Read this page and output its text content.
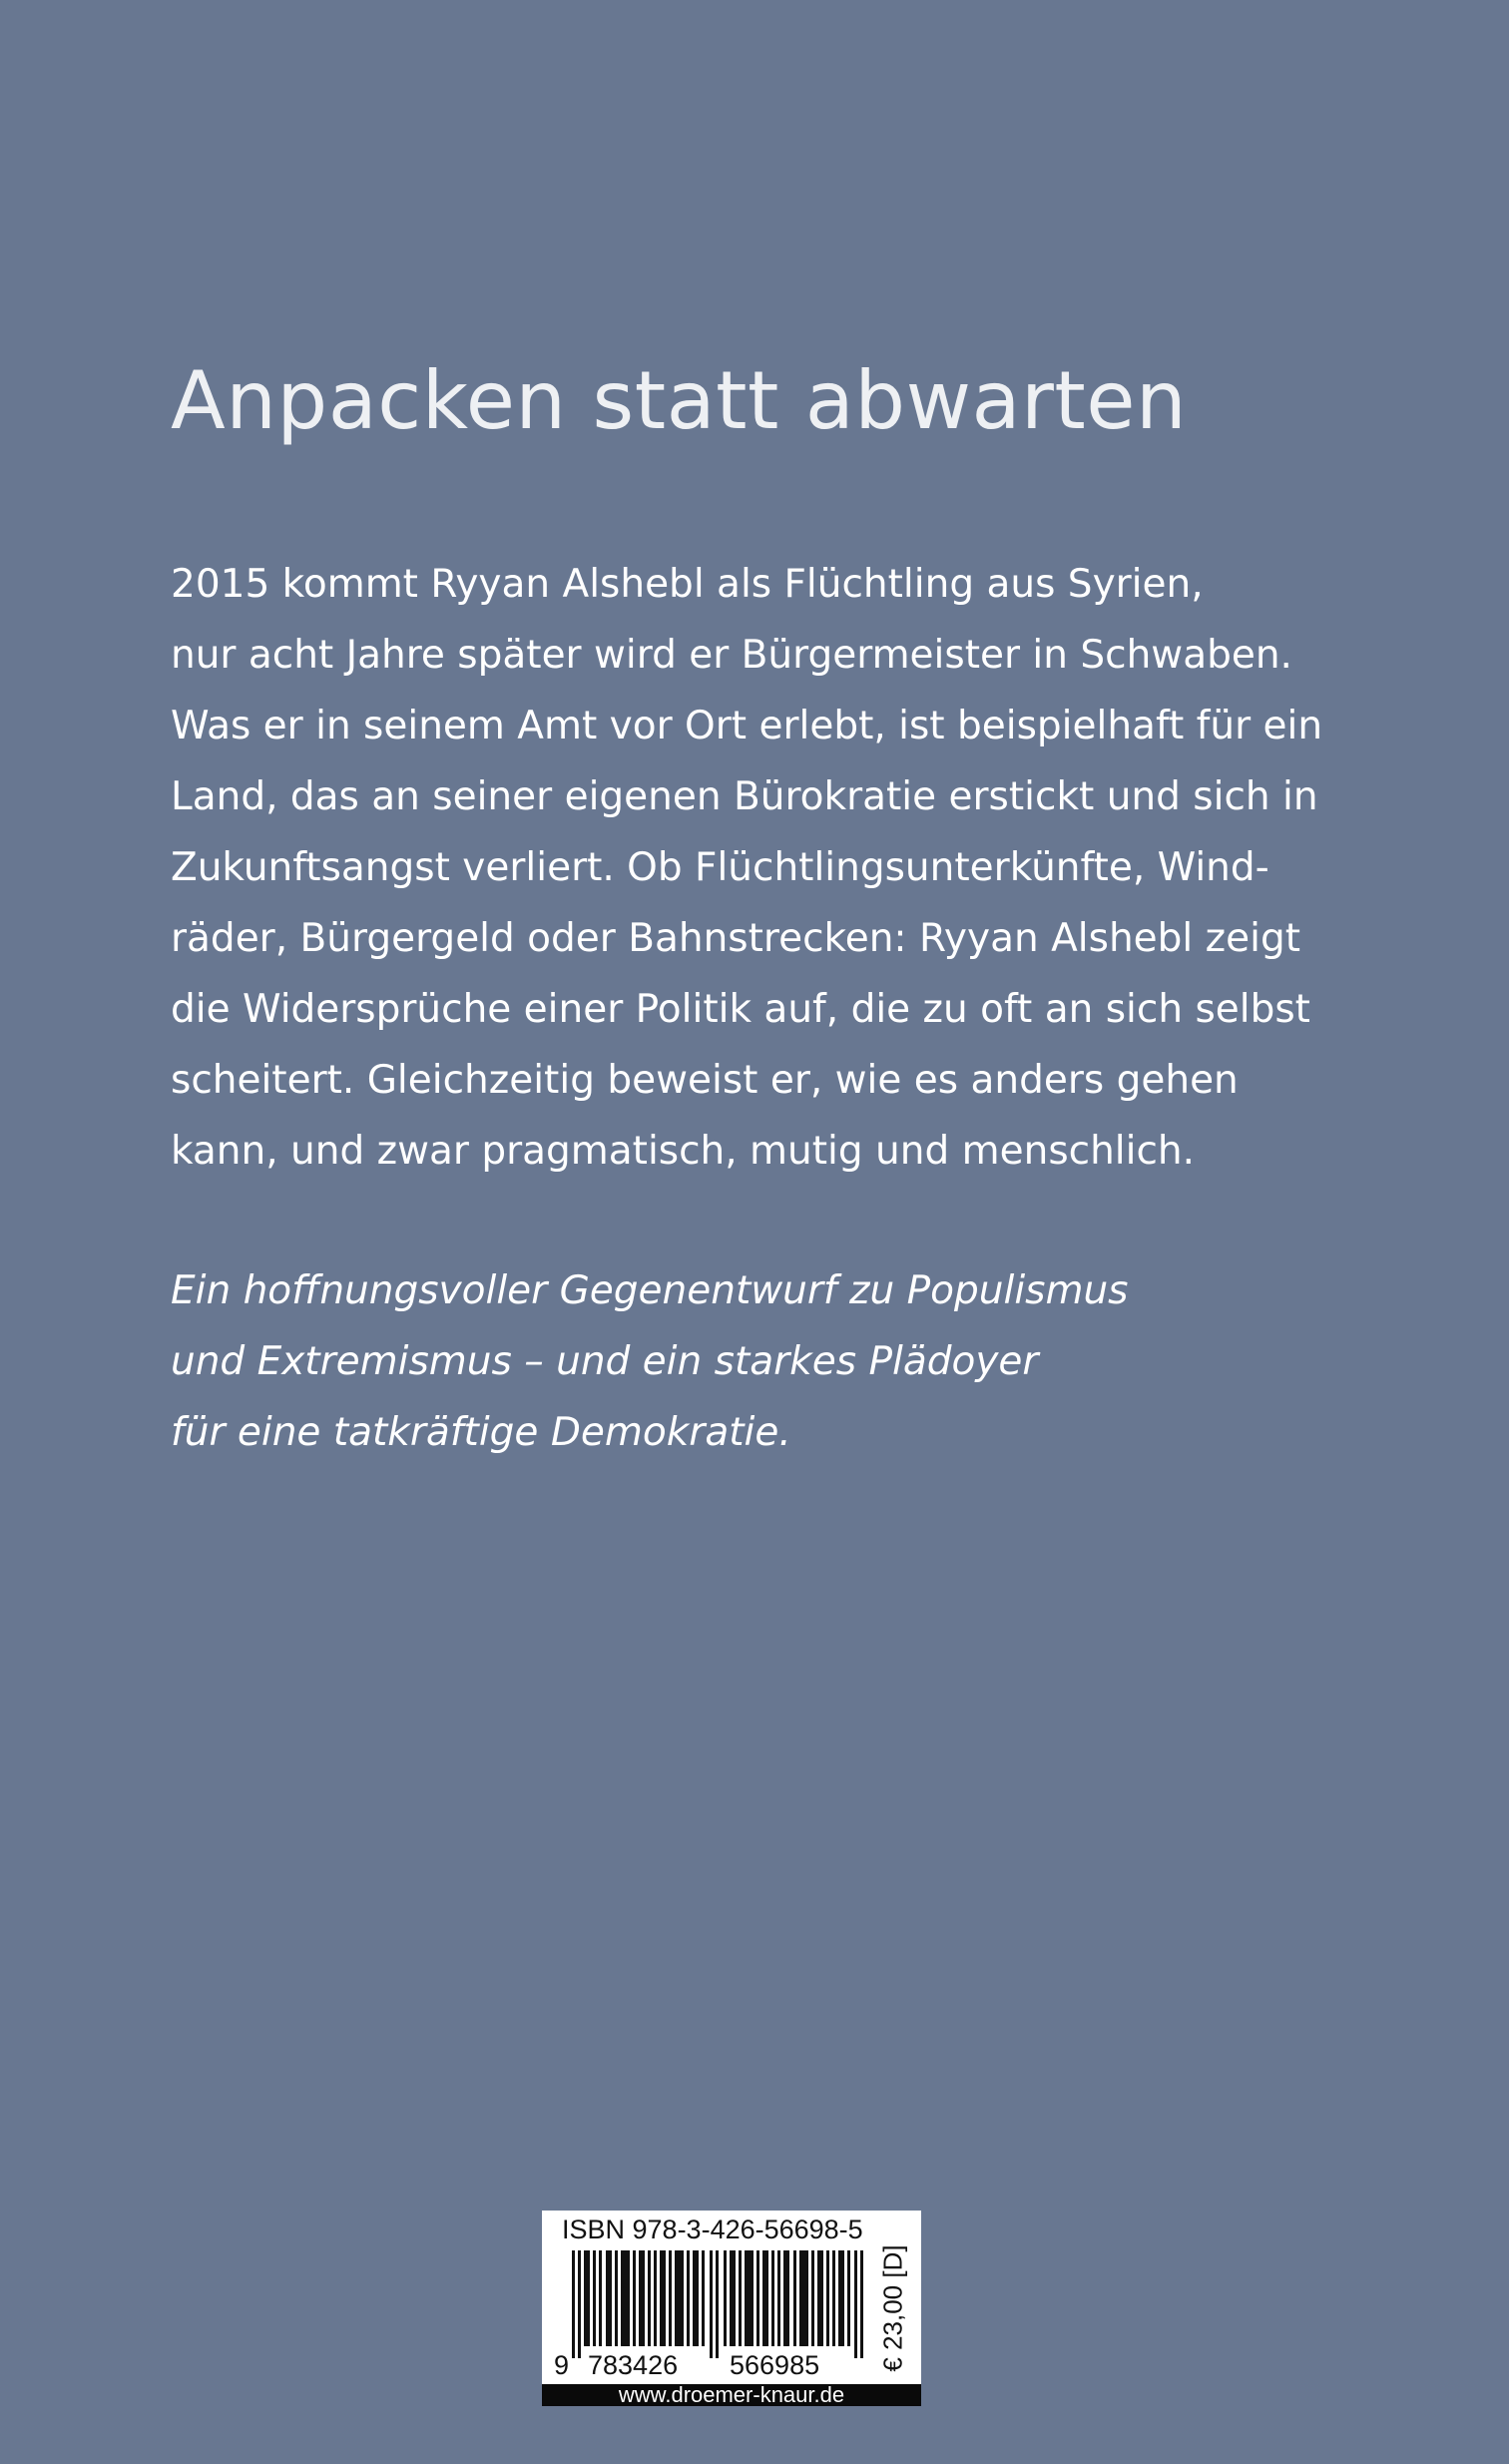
Anpacken statt abwarten
2015 kommt Ryyan Alshebl als Flüchtling aus Syrien,
nur acht Jahre später wird er Bürgermeister in Schwaben.
Was er in seinem Amt vor Ort erlebt, ist beispielhaft für ein
Land, das an seiner eigenen Bürokratie erstickt und sich in
Zukunftsangst verliert. Ob Flüchtlingsunterkünfte, Wind-
räder, Bürgergeld oder Bahnstrecken: Ryyan Alshebl zeigt
die Widersprüche einer Politik auf, die zu oft an sich selbst
scheitert. Gleichzeitig beweist er, wie es anders gehen
kann, und zwar pragmatisch, mutig und menschlich.
Ein hoffnungsvoller Gegenentwurf zu Populismus
und Extremismus – und ein starkes Plädoyer
für eine tatkräftige Demokratie.
ISBN 978-3-426-56698-5
9 783426 566985 € 23,00 [D]
www.droemer-knaur.de
